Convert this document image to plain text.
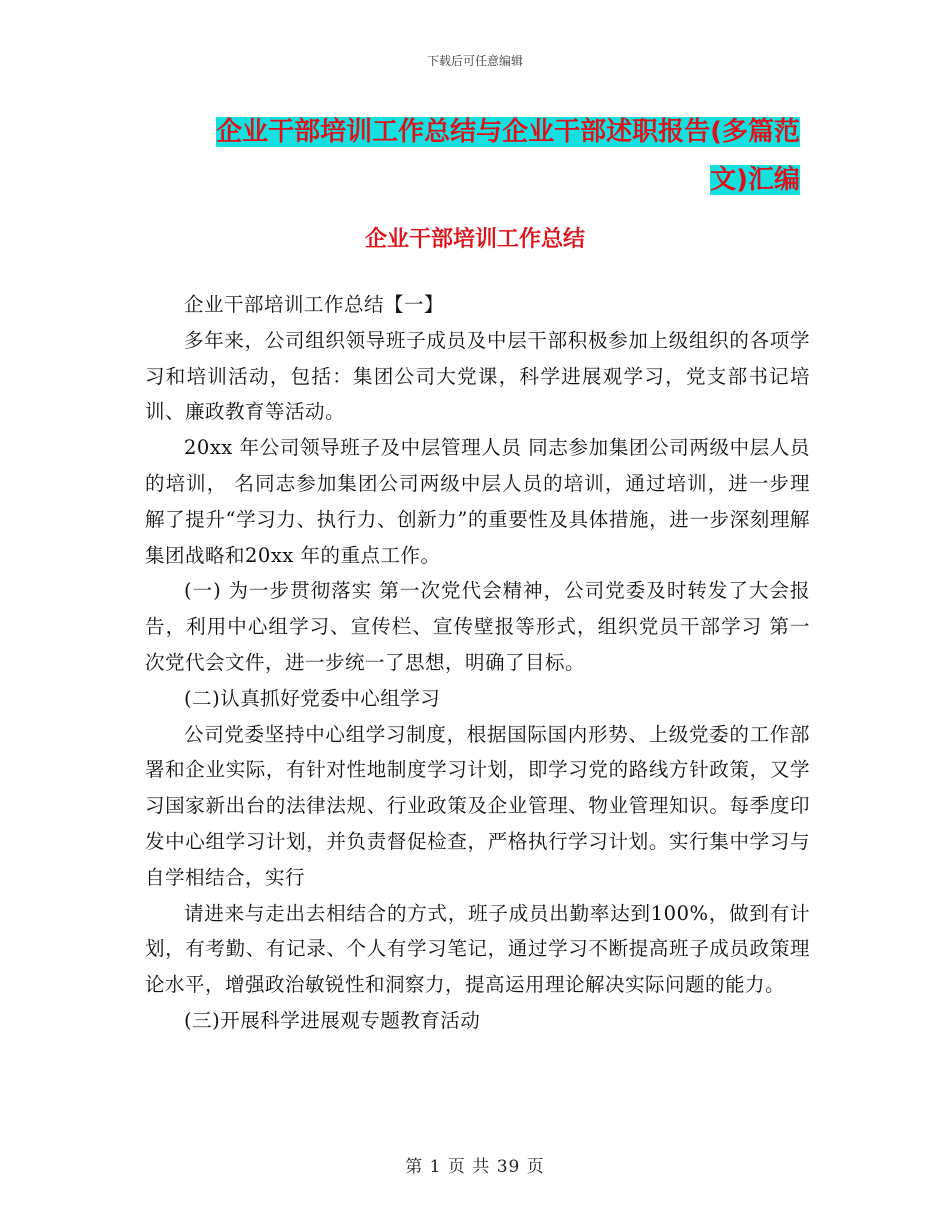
下载后可任意编辑
企业干部培训工作总结与企业干部述职报告(多篇范
文)汇编
企业干部培训工作总结

企业干部培训工作总结【一】

多年来，公司组织领导班子成员及中层干部积极参加上级组织的各项学习和培训活动，包括：集团公司大党课，科学进展观学习，党支部书记培训、廉政教育等活动。

20xx 年公司领导班子及中层管理人员 同志参加集团公司两级中层人员的培训， 名同志参加集团公司两级中层人员的培训，通过培训，进一步理解了提升“学习力、执行力、创新力”的重要性及具体措施，进一步深刻理解集团战略和20xx 年的重点工作。

(一) 为一步贯彻落实 第一次党代会精神，公司党委及时转发了大会报告，利用中心组学习、宣传栏、宣传壁报等形式，组织党员干部学习 第一次党代会文件，进一步统一了思想，明确了目标。

(二)认真抓好党委中心组学习

公司党委坚持中心组学习制度，根据国际国内形势、上级党委的工作部署和企业实际，有针对性地制度学习计划，即学习党的路线方针政策，又学习国家新出台的法律法规、行业政策及企业管理、物业管理知识。每季度印发中心组学习计划，并负责督促检查，严格执行学习计划。实行集中学习与自学相结合，实行

请进来与走出去相结合的方式，班子成员出勤率达到100%，做到有计划，有考勤、有记录、个人有学习笔记，通过学习不断提高班子成员政策理论水平，增强政治敏锐性和洞察力，提高运用理论解决实际问题的能力。

(三)开展科学进展观专题教育活动

第 1 页 共 39 页
